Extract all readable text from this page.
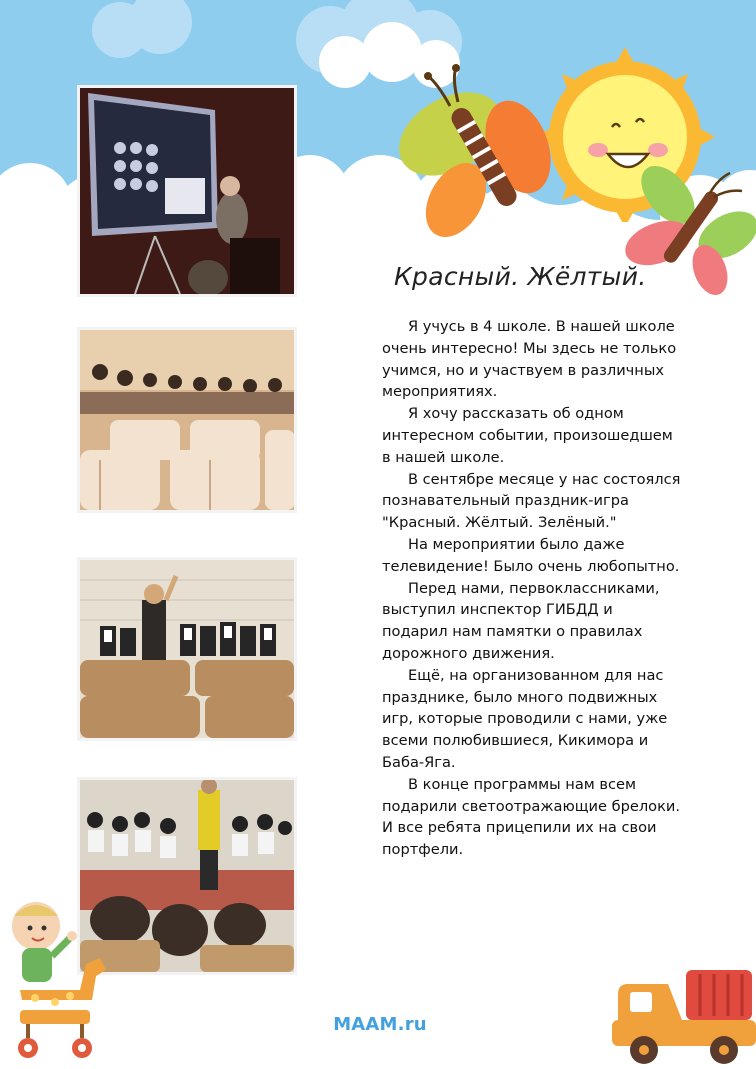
Красный. Жёлтый.

Я учусь в 4 школе. В нашей школе очень интересно! Мы здесь не только учимся, но и участвуем в различных мероприятиях.

Я хочу рассказать об одном интересном событии, произошедшем в нашей школе.

В сентябре месяце у нас состоялся познавательный праздник-игра "Красный. Жёлтый. Зелёный."

На мероприятии было даже телевидение! Было очень любопытно.

Перед нами, первоклассниками, выступил инспектор ГИБДД и подарил нам памятки о правилах дорожного движения.

Ещё, на организованном для нас празднике, было много подвижных игр, которые проводили с нами, уже всеми полюбившиеся, Кикимора и Баба-Яга.

В конце программы нам всем подарили светоотражающие брелоки. И все ребята прицепили их на свои портфели.

MAAM.ru
